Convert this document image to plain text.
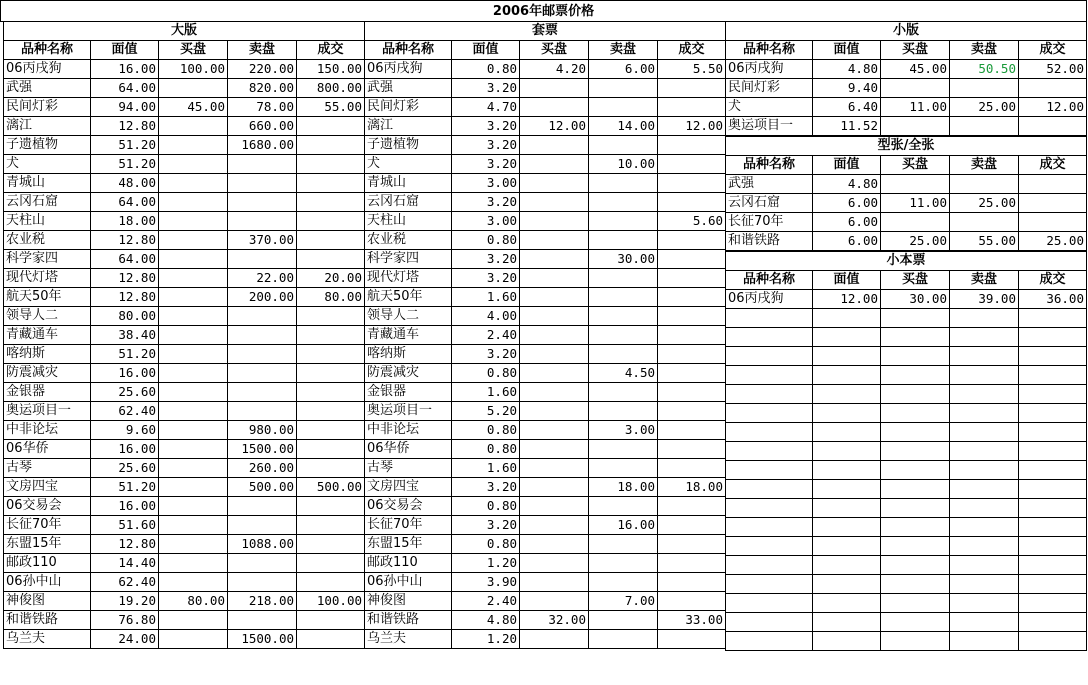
2006年邮票价格
大版				
品种名称	面值	买盘	卖盘	成交
06丙戌狗	16.00	100.00	220.00	150.00
武强	64.00		820.00	800.00
民间灯彩	94.00	45.00	78.00	55.00
漓江	12.80		660.00	
子遗植物	51.20		1680.00	
犬	51.20			
青城山	48.00			
云冈石窟	64.00			
天柱山	18.00			
农业税	12.80		370.00	
科学家四	64.00			
现代灯塔	12.80		22.00	20.00
航天50年	12.80		200.00	80.00
领导人二	80.00			
青藏通车	38.40			
喀纳斯	51.20			
防震减灾	16.00			
金银器	25.60			
奥运项目一	62.40			
中非论坛	9.60		980.00	
06华侨	16.00		1500.00	
古琴	25.60		260.00	
文房四宝	51.20		500.00	500.00
06交易会	16.00			
长征70年	51.60			
东盟15年	12.80		1088.00	
邮政110	14.40			
06孙中山	62.40			
神俊图	19.20	80.00	218.00	100.00
和谐铁路	76.80			
乌兰夫	24.00		1500.00	
套票				
品种名称	面值	买盘	卖盘	成交
06丙戌狗	0.80	4.20	6.00	5.50
武强	3.20			
民间灯彩	4.70			
漓江	3.20	12.00	14.00	12.00
子遗植物	3.20			
犬	3.20		10.00	
青城山	3.00			
云冈石窟	3.20			
天柱山	3.00			5.60
农业税	0.80			
科学家四	3.20		30.00	
现代灯塔	3.20			
航天50年	1.60			
领导人二	4.00			
青藏通车	2.40			
喀纳斯	3.20			
防震减灾	0.80		4.50	
金银器	1.60			
奥运项目一	5.20			
中非论坛	0.80		3.00	
06华侨	0.80			
古琴	1.60			
文房四宝	3.20		18.00	18.00
06交易会	0.80			
长征70年	3.20		16.00	
东盟15年	0.80			
邮政110	1.20			
06孙中山	3.90			
神俊图	2.40		7.00	
和谐铁路	4.80	32.00		33.00
乌兰夫	1.20			
小版				
品种名称	面值	买盘	卖盘	成交
06丙戌狗	4.80	45.00	50.50	52.00
民间灯彩	9.40			
犬	6.40	11.00	25.00	12.00
奥运项目一	11.52			
型张/全张				
品种名称	面值	买盘	卖盘	成交
武强	4.80			
云冈石窟	6.00	11.00	25.00	
长征70年	6.00			
和谐铁路	6.00	25.00	55.00	25.00
小本票				
品种名称	面值	买盘	卖盘	成交
06丙戌狗	12.00	30.00	39.00	36.00
